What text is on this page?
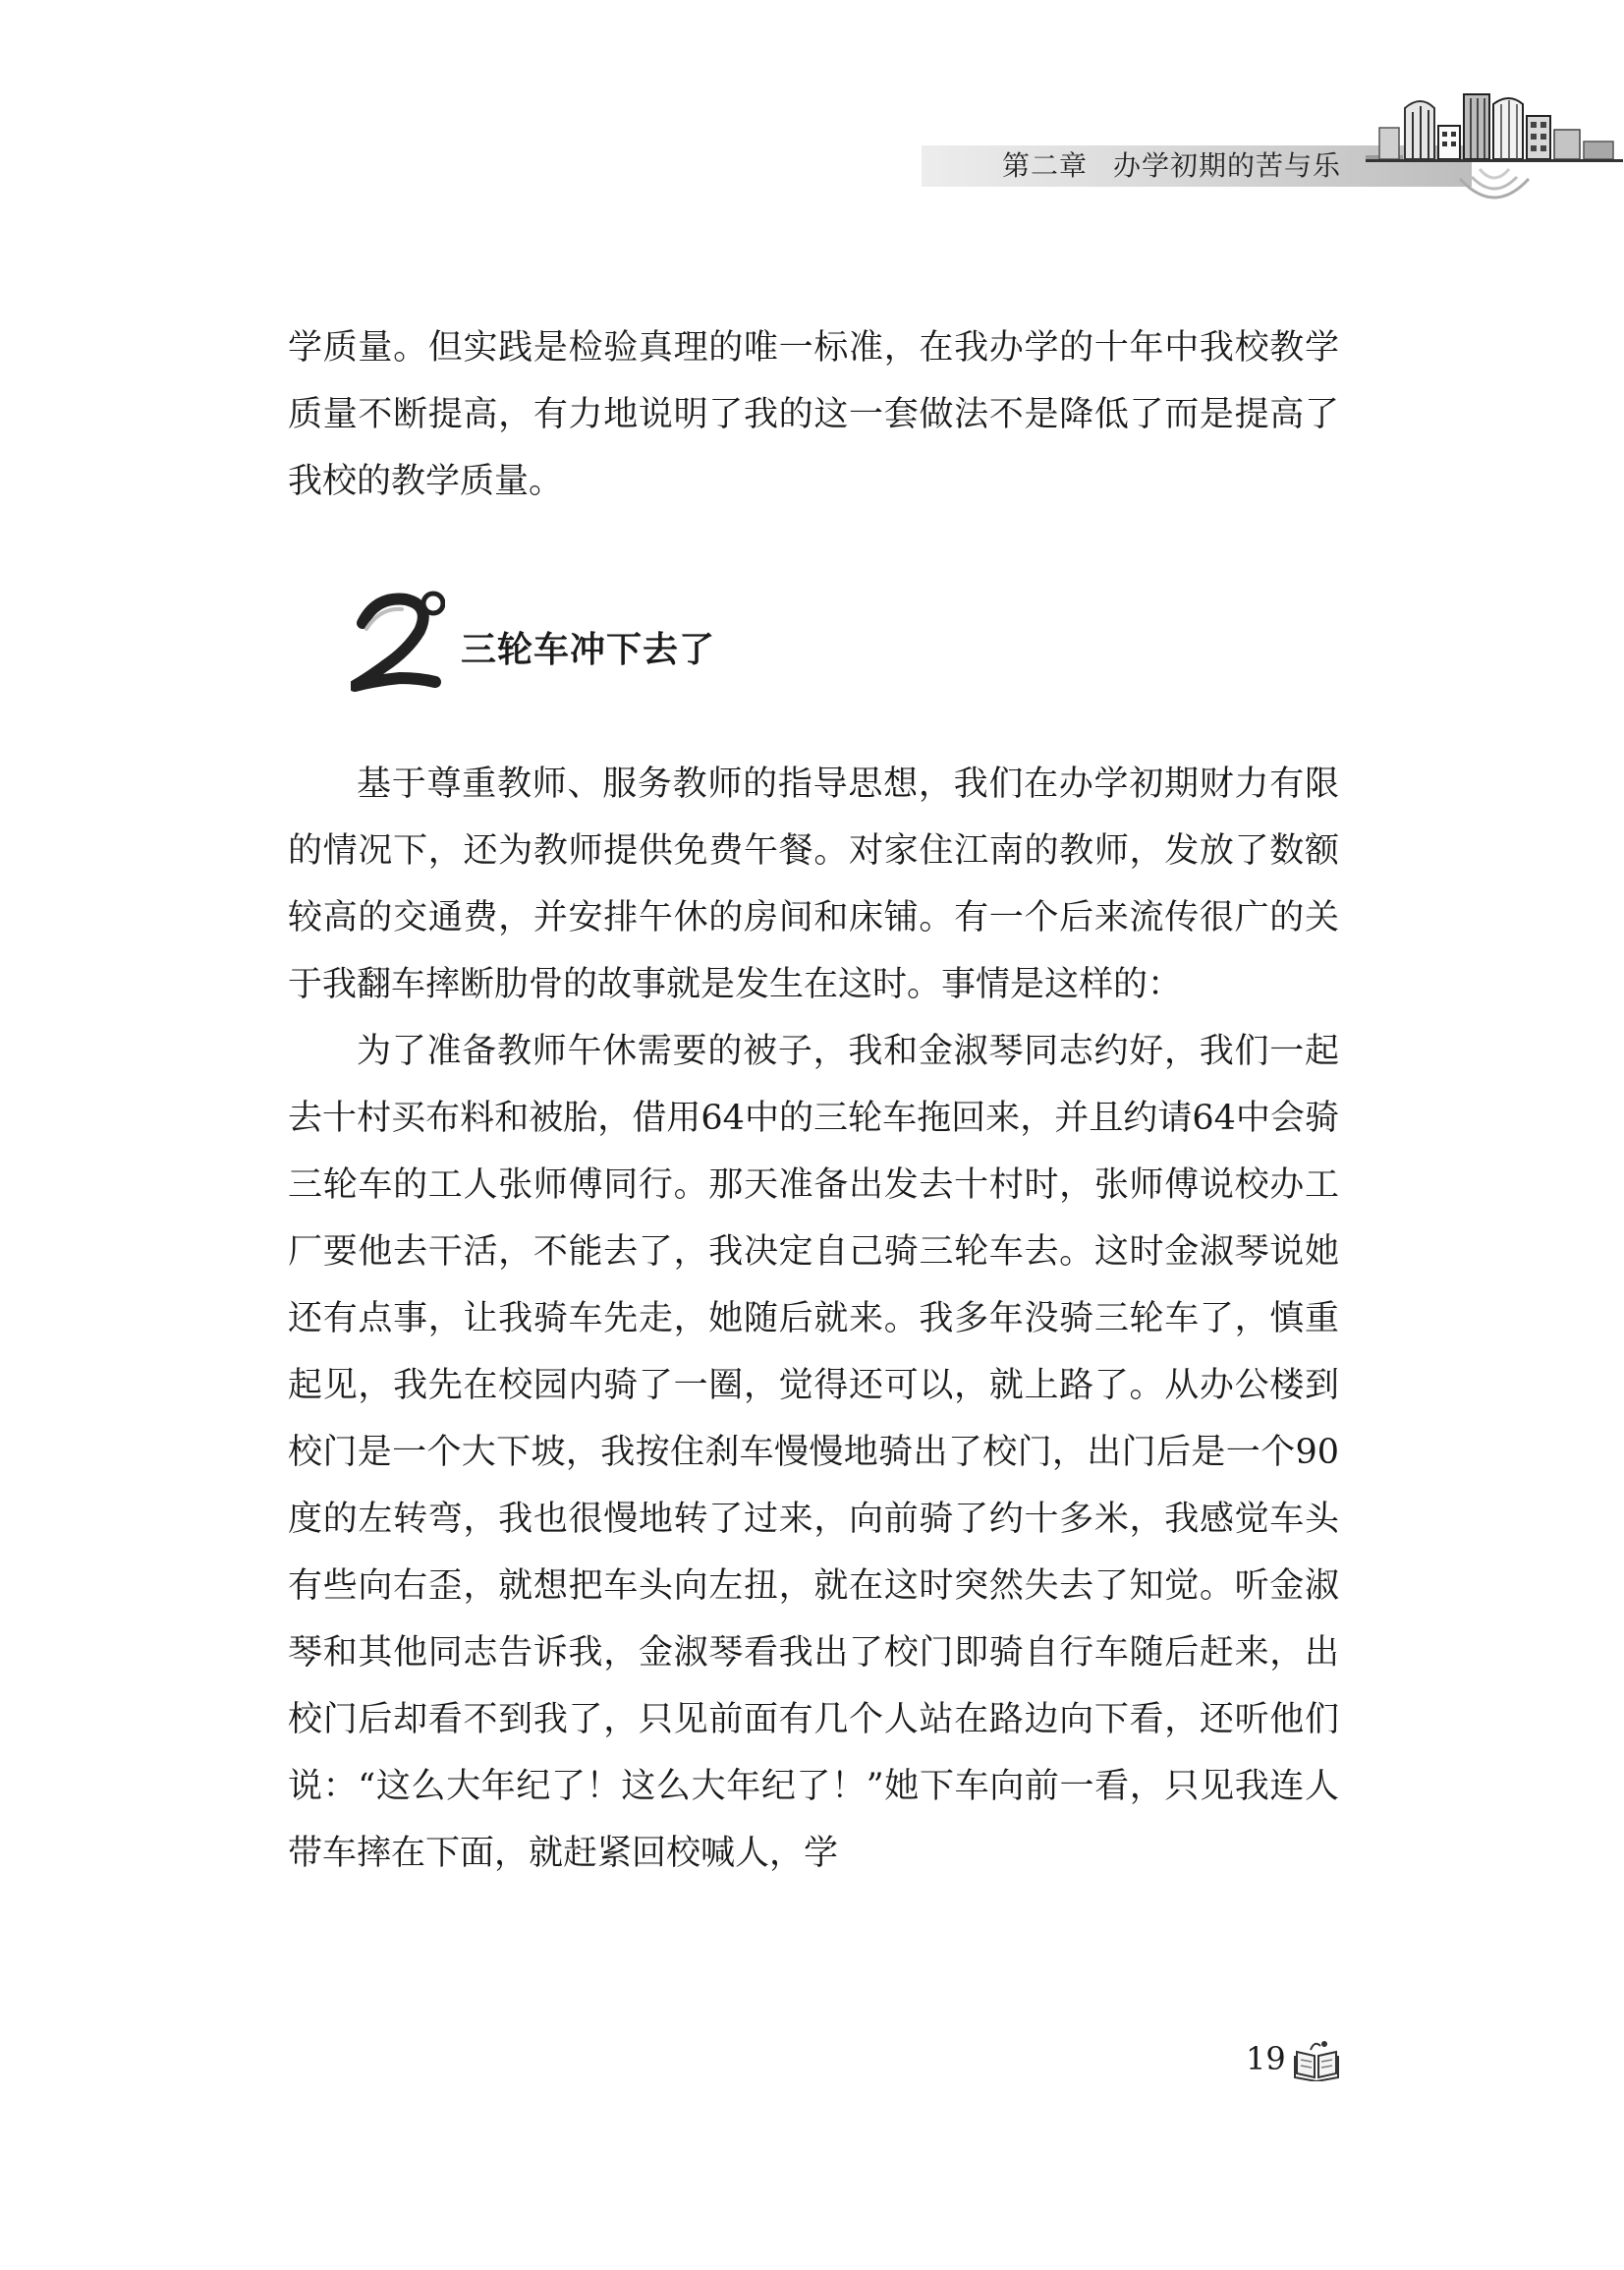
第二章 办学初期的苦与乐

学质量。但实践是检验真理的唯一标准，在我办学的十年中我校教学质量不断提高，有力地说明了我的这一套做法不是降低了而是提高了我校的教学质量。

三轮车冲下去了

基于尊重教师、服务教师的指导思想，我们在办学初期财力有限的情况下，还为教师提供免费午餐。对家住江南的教师，发放了数额较高的交通费，并安排午休的房间和床铺。有一个后来流传很广的关于我翻车摔断肋骨的故事就是发生在这时。事情是这样的：

为了准备教师午休需要的被子，我和金淑琴同志约好，我们一起去十村买布料和被胎，借用64中的三轮车拖回来，并且约请64中会骑三轮车的工人张师傅同行。那天准备出发去十村时，张师傅说校办工厂要他去干活，不能去了，我决定自己骑三轮车去。这时金淑琴说她还有点事，让我骑车先走，她随后就来。我多年没骑三轮车了，慎重起见，我先在校园内骑了一圈，觉得还可以，就上路了。从办公楼到校门是一个大下坡，我按住刹车慢慢地骑出了校门，出门后是一个90度的左转弯，我也很慢地转了过来，向前骑了约十多米，我感觉车头有些向右歪，就想把车头向左扭，就在这时突然失去了知觉。听金淑琴和其他同志告诉我，金淑琴看我出了校门即骑自行车随后赶来，出校门后却看不到我了，只见前面有几个人站在路边向下看，还听他们说：“这么大年纪了！这么大年纪了！”她下车向前一看，只见我连人带车摔在下面，就赶紧回校喊人，学

19
